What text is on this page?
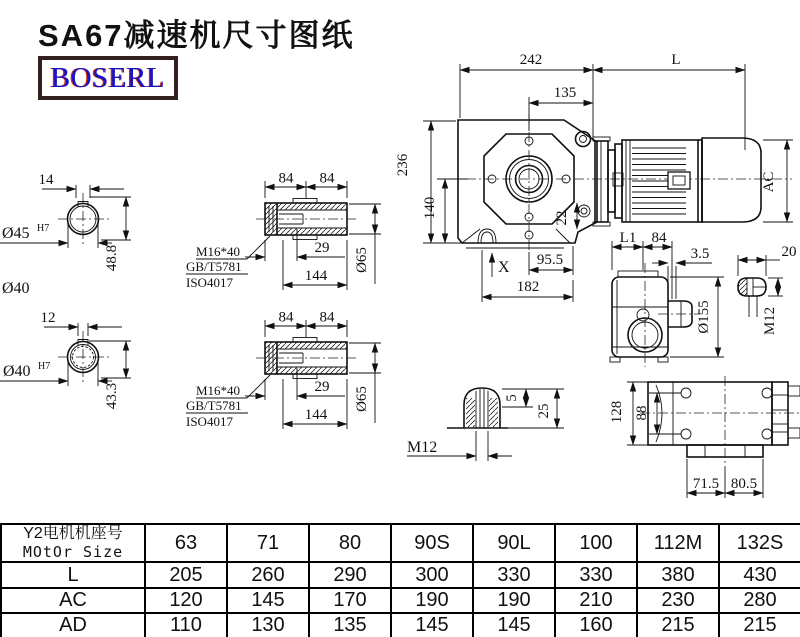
SA67减速机尺寸图纸
BOSERL
14
Ø45 H7
48.8
Ø40
12
Ø40 H7
43.3
84 84
29
144
Ø65
M16*40
GB/T5781
ISO4017
84 84
29
144
Ø65
M16*40
GB/T5781
ISO4017
242	L
135
236
140
AC
22
95.5
182
X
L1 84
3.5
Ø155
20
M12
5
25
M12
128 88
71.5 80.5
Y2电机机座号
MOtOr Size	63	71	80	90S	90L	100	112M	132S
L	205	260	290	300	330	330	380	430
AC	120	145	170	190	190	210	230	280
AD	110	130	135	145	145	160	215	215
